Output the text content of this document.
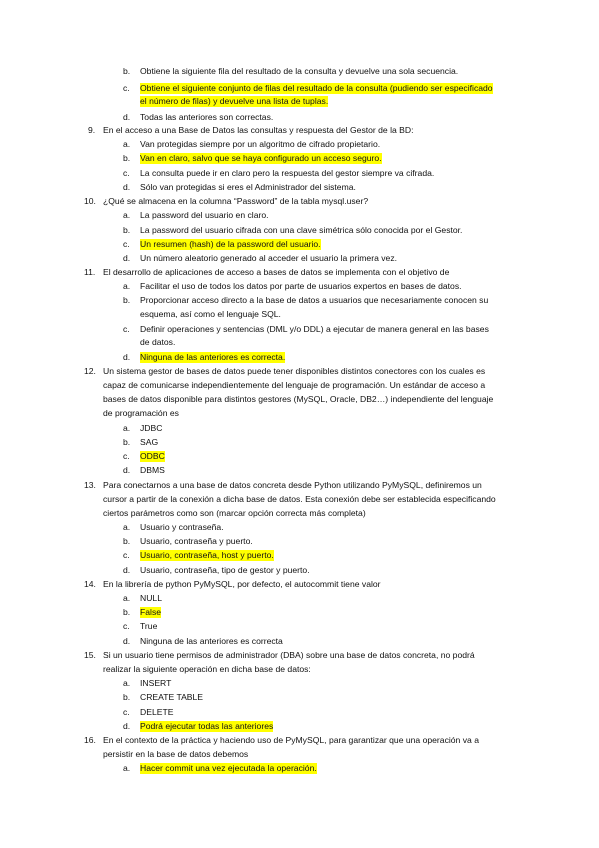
b. Obtiene la siguiente fila del resultado de la consulta y devuelve una sola secuencia.
c. Obtiene el siguiente conjunto de filas del resultado de la consulta (pudiendo ser especificado
el número de filas) y devuelve una lista de tuplas.
d. Todas las anteriores son correctas.
9. En el acceso a una Base de Datos las consultas y respuesta del Gestor de la BD:
a. Van protegidas siempre por un algoritmo de cifrado propietario.
b. Van en claro, salvo que se haya configurado un acceso seguro.
c. La consulta puede ir en claro pero la respuesta del gestor siempre va cifrada.
d. Sólo van protegidas si eres el Administrador del sistema.
10. ¿Qué se almacena en la columna “Password” de la tabla mysql.user?
a. La password del usuario en claro.
b. La password del usuario cifrada con una clave simétrica sólo conocida por el Gestor.
c. Un resumen (hash) de la password del usuario.
d. Un número aleatorio generado al acceder el usuario la primera vez.
11. El desarrollo de aplicaciones de acceso a bases de datos se implementa con el objetivo de
a. Facilitar el uso de todos los datos por parte de usuarios expertos en bases de datos.
b. Proporcionar acceso directo a la base de datos a usuarios que necesariamente conocen su
esquema, así como el lenguaje SQL.
c. Definir operaciones y sentencias (DML y/o DDL) a ejecutar de manera general en las bases
de datos.
d. Ninguna de las anteriores es correcta.
12. Un sistema gestor de bases de datos puede tener disponibles distintos conectores con los cuales es
capaz de comunicarse independientemente del lenguaje de programación. Un estándar de acceso a
bases de datos disponible para distintos gestores (MySQL, Oracle, DB2…) independiente del lenguaje
de programación es
a. JDBC
b. SAG
c. ODBC
d. DBMS
13. Para conectarnos a una base de datos concreta desde Python utilizando PyMySQL, definiremos un
cursor a partir de la conexión a dicha base de datos. Esta conexión debe ser establecida especificando
ciertos parámetros como son (marcar opción correcta más completa)
a. Usuario y contraseña.
b. Usuario, contraseña y puerto.
c. Usuario, contraseña, host y puerto.
d. Usuario, contraseña, tipo de gestor y puerto.
14. En la librería de python PyMySQL, por defecto, el autocommit tiene valor
a. NULL
b. False
c. True
d. Ninguna de las anteriores es correcta
15. Si un usuario tiene permisos de administrador (DBA) sobre una base de datos concreta, no podrá
realizar la siguiente operación en dicha base de datos:
a. INSERT
b. CREATE TABLE
c. DELETE
d. Podrá ejecutar todas las anteriores
16. En el contexto de la práctica y haciendo uso de PyMySQL, para garantizar que una operación va a
persistir en la base de datos debemos
a. Hacer commit una vez ejecutada la operación.
